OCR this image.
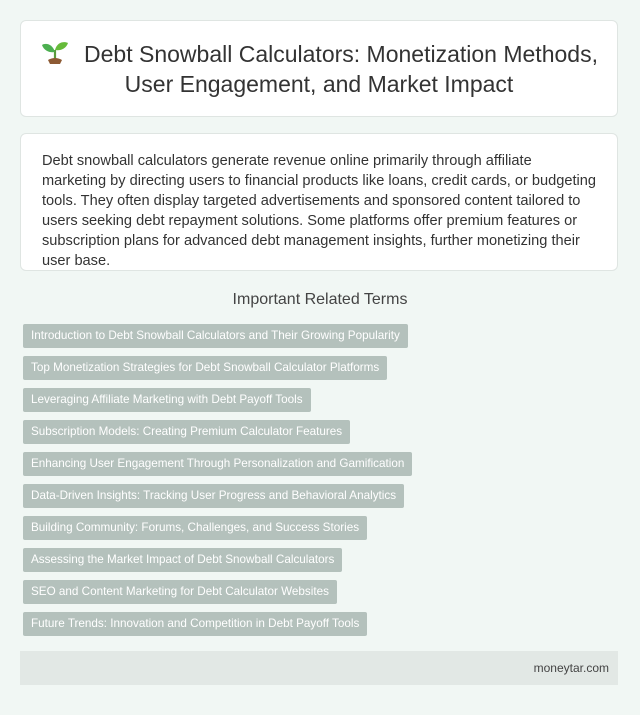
Debt Snowball Calculators: Monetization Methods, User Engagement, and Market Impact

Debt snowball calculators generate revenue online primarily through affiliate marketing by directing users to financial products like loans, credit cards, or budgeting tools. They often display targeted advertisements and sponsored content tailored to users seeking debt repayment solutions. Some platforms offer premium features or subscription plans for advanced debt management insights, further monetizing their user base.

Important Related Terms
Introduction to Debt Snowball Calculators and Their Growing Popularity
Top Monetization Strategies for Debt Snowball Calculator Platforms
Leveraging Affiliate Marketing with Debt Payoff Tools
Subscription Models: Creating Premium Calculator Features
Enhancing User Engagement Through Personalization and Gamification
Data-Driven Insights: Tracking User Progress and Behavioral Analytics
Building Community: Forums, Challenges, and Success Stories
Assessing the Market Impact of Debt Snowball Calculators
SEO and Content Marketing for Debt Calculator Websites
Future Trends: Innovation and Competition in Debt Payoff Tools
moneytar.com
